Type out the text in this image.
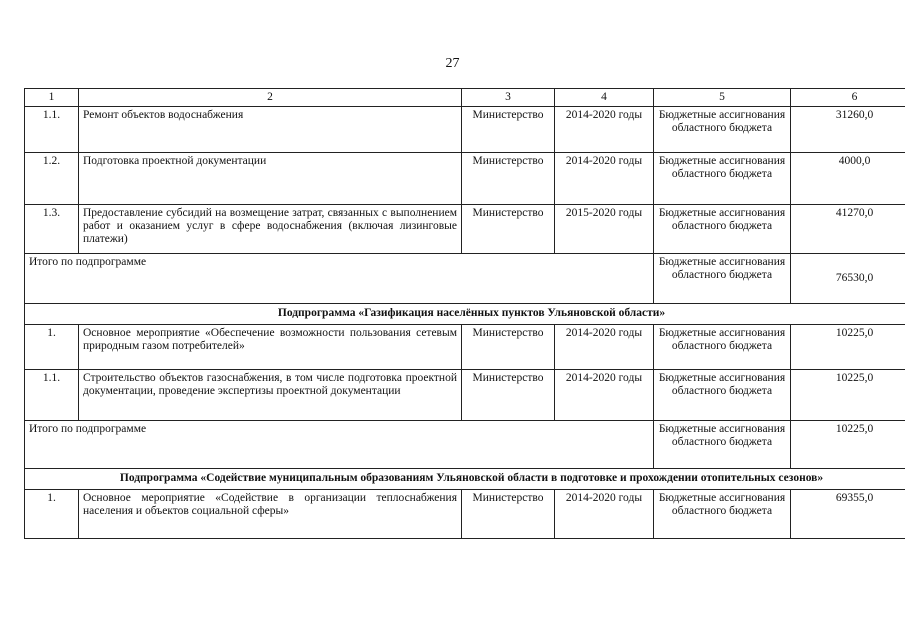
27
1	2	3	4	5	6
1.1.	Ремонт объектов водоснабжения	Министерство	2014-2020 годы	Бюджетные ассигнования областного бюджета	31260,0
1.2.	Подготовка проектной документации	Министерство	2014-2020 годы	Бюджетные ассигнования областного бюджета	4000,0
1.3.	Предоставление субсидий на возмещение затрат, связанных с выполнением работ и оказанием услуг в сфере водоснабжения (включая лизинговые платежи)	Министерство	2015-2020 годы	Бюджетные ассигнования областного бюджета	41270,0
Итого по подпрограмме				Бюджетные ассигнования областного бюджета	76530,0
Подпрограмма «Газификация населённых пунктов Ульяновской области»					
1.	Основное мероприятие «Обеспечение возможности пользования сетевым природным газом потребителей»	Министерство	2014-2020 годы	Бюджетные ассигнования областного бюджета	10225,0
1.1.	Строительство объектов газоснабжения, в том числе подготовка проектной документации, проведение экспертизы проектной документации	Министерство	2014-2020 годы	Бюджетные ассигнования областного бюджета	10225,0
Итого по подпрограмме				Бюджетные ассигнования областного бюджета	10225,0
Подпрограмма «Содействие муниципальным образованиям Ульяновской области в подготовке и прохождении отопительных сезонов»					
1.	Основное мероприятие «Содействие в организации теплоснабжения населения и объектов социальной сферы»	Министерство	2014-2020 годы	Бюджетные ассигнования областного бюджета	69355,0
